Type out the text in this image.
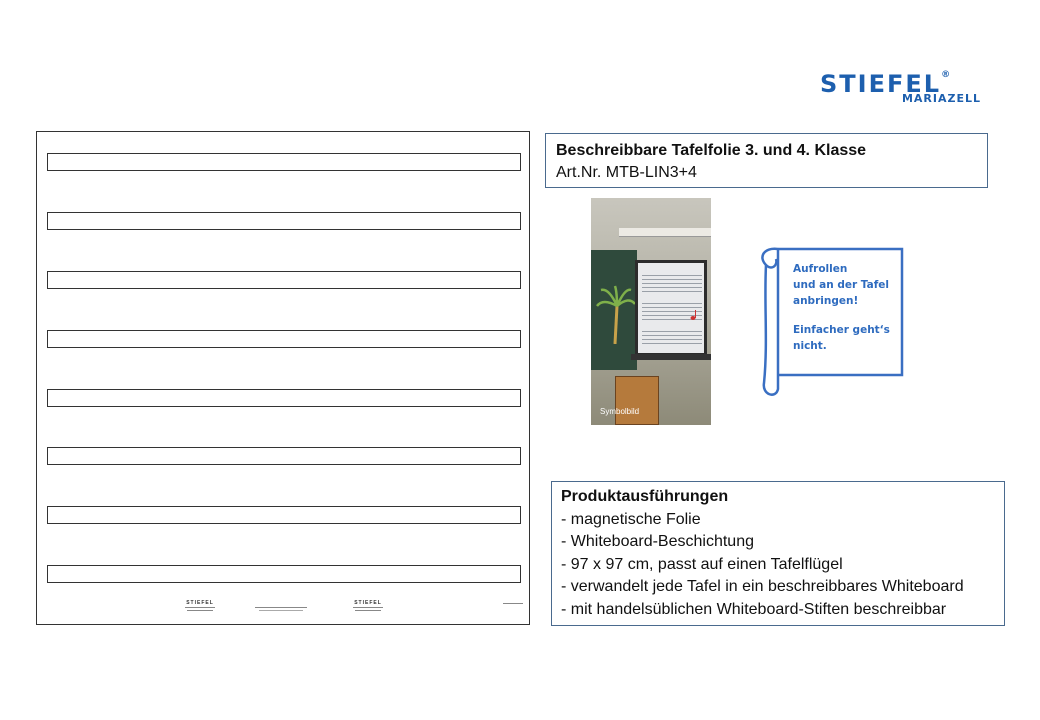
STIEFEL®
MARIAZELL
STIEFEL	STIEFEL
Beschreibbare Tafelfolie 3. und 4. Klasse
Art.Nr. MTB-LIN3+4
Symbolbild

Aufrollen

und an der Tafel

anbringen!

Einfacher geht‘s

nicht.

Produktausführungen
- magnetische Folie
- Whiteboard-Beschichtung
- 97 x 97 cm, passt auf einen Tafelflügel
- verwandelt jede Tafel in ein beschreibbares Whiteboard
- mit handelsüblichen Whiteboard-Stiften beschreibbar
